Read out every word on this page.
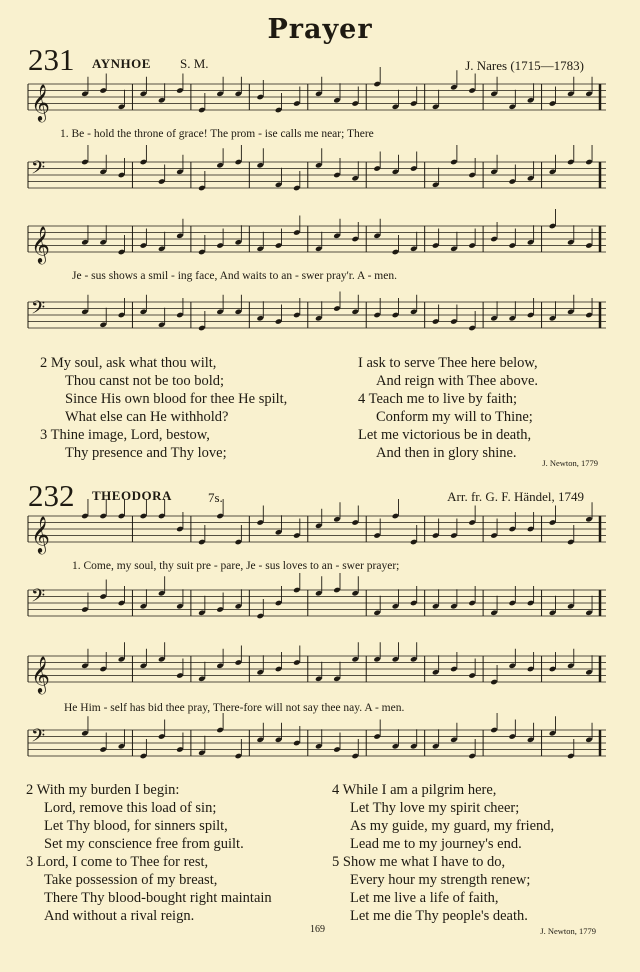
Prayer
231 AYNHOE S. M.	J. Nares (1715—1783)
𝄞
1. Be - hold the throne of grace! The prom - ise calls me near; There
𝄢
𝄞
Je - sus shows a smil - ing face, And waits to an - swer pray'r. A - men.
𝄢
2 My soul, ask what thou wilt,
Thou canst not be too bold;
Since His own blood for thee He spilt,
What else can He withhold?
3 Thine image, Lord, bestow,
Thy presence and Thy love;
I ask to serve Thee here below,
And reign with Thee above.
4 Teach me to live by faith;
Conform my will to Thine;
Let me victorious be in death,
And then in glory shine.
J. Newton, 1779
232 THEODORA	7s.	Arr. fr. G. F. Händel, 1749
𝄞
1. Come, my soul, thy suit pre - pare, Je - sus loves to an - swer prayer;
𝄢
𝄞
He Him - self has bid thee pray, There-fore will not say thee nay. A - men.
𝄢
2 With my burden I begin:
Lord, remove this load of sin;
Let Thy blood, for sinners spilt,
Set my conscience free from guilt.
3 Lord, I come to Thee for rest,
Take possession of my breast,
There Thy blood-bought right maintain
And without a rival reign.
4 While I am a pilgrim here,
Let Thy love my spirit cheer;
As my guide, my guard, my friend,
Lead me to my journey's end.
5 Show me what I have to do,
Every hour my strength renew;
Let me live a life of faith,
Let me die Thy people's death.
169	J. Newton, 1779
